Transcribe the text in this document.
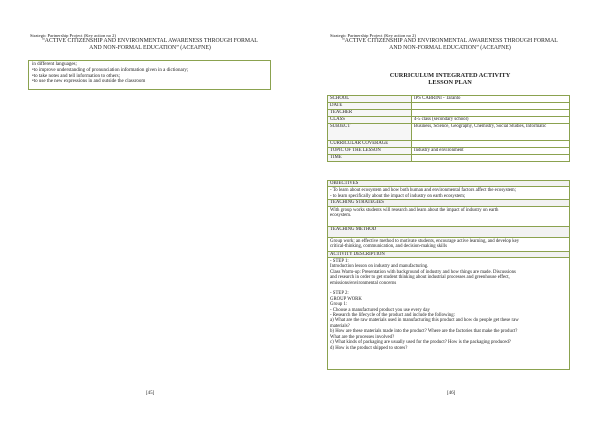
Strategic Partnership Project (Key action no 2)
“ACTIVE CITIZENSHIP AND ENVIRONMENTAL AWARENESS THROUGH FORMAL
AND NON-FORMAL EDUCATION” (ACEAFNE)
in different languages;
•to improve understanding of pronunciation information given in a dictionary;
•to take notes and tell information to others;
•to use the new expressions in and outside the classroom
[45]
Strategic Partnership Project (Key action no 2)
“ACTIVE CITIZENSHIP AND ENVIRONMENTAL AWARENESS THROUGH FORMAL
AND NON-FORMAL EDUCATION” (ACEAFNE)
CURRICULUM INTEGRATED ACTIVITY
LESSON PLAN
[46]
SCHOOL	IPS CABRINI - Taranto
DATE	
TEACHER	
CLASS	4-5 class (secondary school)
SUBJECT	Business, Science, Geography, Chemistry, Social Studies, Informatic
CURRICULAR COVERAGE	
TOPIC OF THE LESSON	Industry and environment
TIME	
OBJECTIVES

- To learn about ecosystem and how both human and environmental factors affect the ecosystem;
- to learn specifically about the impact of industry on earth ecosystem;

TEACHING STRATEGIES

With group works students will research and learn about the impact of industry on earth
ecosystem.

TEACHING METHOD

Group work; an effective method to motivate students, encourage active learning, and develop key
critical-thinking, communication, and decision-making skills

ACTIVITY DESCRIPTION

- STEP 1:
Introduction lesson on industry and manufacturing.
Class Warm-up: Presentation with background of industry and how things are made. Discussions
and research in order to get student thinking about industrial processes and greenhouse effect,
emissions/environmental concerns
- STEP 2:
GROUP WORK
Group 1:
- Choose a manufactured product you use every day
- Research the lifecycle of the product and include the following:
a) What are the raw materials used in manufacturing this product and how do people get these raw
materials?
b) How are these materials made into the product? Where are the factories that make the product?
What are the processes involved?
c) What kinds of packaging are usually used for the product? How is the packaging produced?
d) How is the product shipped to stores?
